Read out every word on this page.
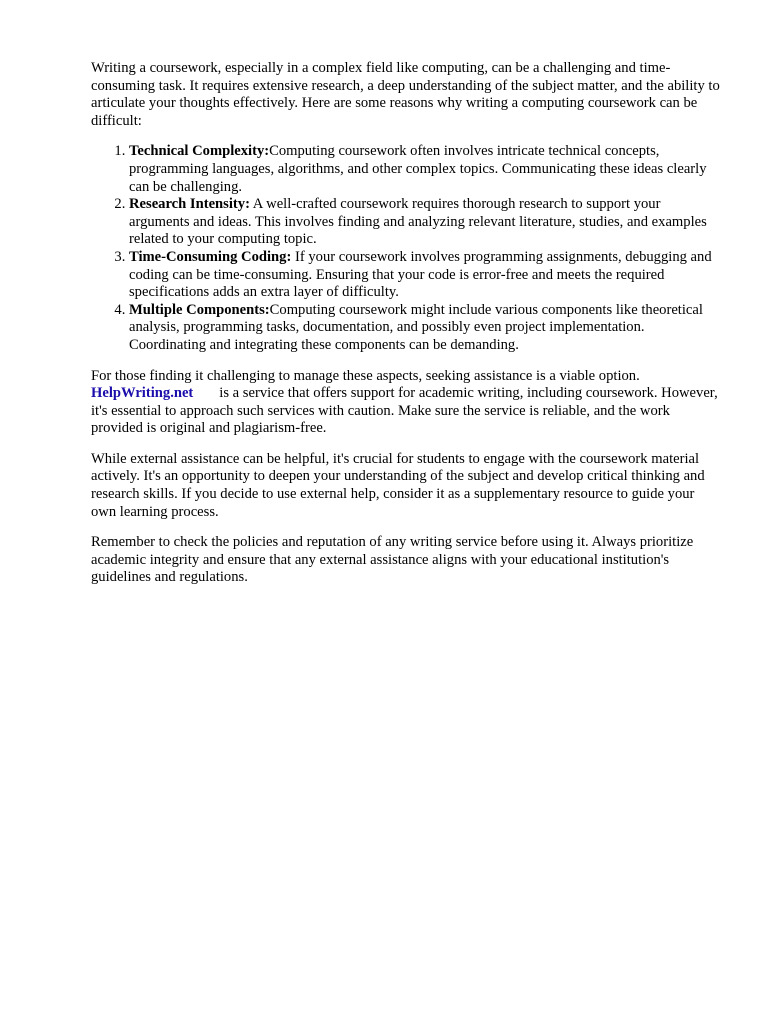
Writing a coursework, especially in a complex field like computing, can be a challenging and time-consuming task. It requires extensive research, a deep understanding of the subject matter, and the ability to articulate your thoughts effectively. Here are some reasons why writing a computing coursework can be difficult:

1. Technical Complexity:Computing coursework often involves intricate technical concepts, programming languages, algorithms, and other complex topics. Communicating these ideas clearly can be challenging.
2. Research Intensity: A well-crafted coursework requires thorough research to support your arguments and ideas. This involves finding and analyzing relevant literature, studies, and examples related to your computing topic.
3. Time-Consuming Coding: If your coursework involves programming assignments, debugging and coding can be time-consuming. Ensuring that your code is error-free and meets the required specifications adds an extra layer of difficulty.
4. Multiple Components:Computing coursework might include various components like theoretical analysis, programming tasks, documentation, and possibly even project implementation. Coordinating and integrating these components can be demanding.

For those finding it challenging to manage these aspects, seeking assistance is a viable option.
HelpWriting.net is a service that offers support for academic writing, including coursework. However, it's essential to approach such services with caution. Make sure the service is reliable, and the work provided is original and plagiarism-free.

While external assistance can be helpful, it's crucial for students to engage with the coursework material actively. It's an opportunity to deepen your understanding of the subject and develop critical thinking and research skills. If you decide to use external help, consider it as a supplementary resource to guide your own learning process.

Remember to check the policies and reputation of any writing service before using it. Always prioritize academic integrity and ensure that any external assistance aligns with your educational institution's guidelines and regulations.
